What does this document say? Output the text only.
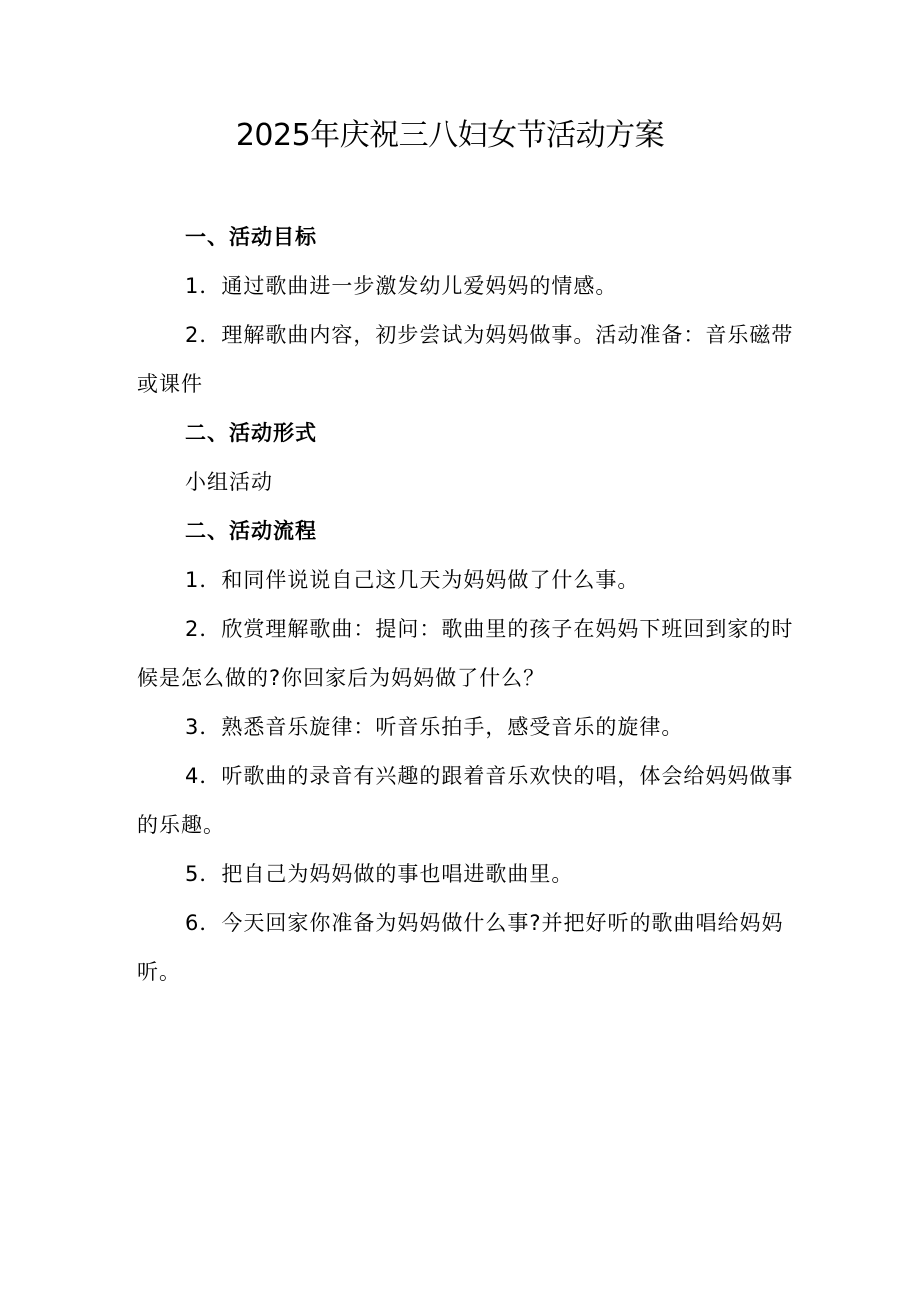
2025年庆祝三八妇女节活动方案

一、活动目标

1．通过歌曲进一步激发幼儿爱妈妈的情感。

2．理解歌曲内容，初步尝试为妈妈做事。活动准备：音乐磁带或课件

二、活动形式

小组活动

二、活动流程

1．和同伴说说自己这几天为妈妈做了什么事。

2．欣赏理解歌曲：提问：歌曲里的孩子在妈妈下班回到家的时候是怎么做的?你回家后为妈妈做了什么？

3．熟悉音乐旋律：听音乐拍手，感受音乐的旋律。

4．听歌曲的录音有兴趣的跟着音乐欢快的唱，体会给妈妈做事的乐趣。

5．把自己为妈妈做的事也唱进歌曲里。

6．今天回家你准备为妈妈做什么事?并把好听的歌曲唱给妈妈听。
